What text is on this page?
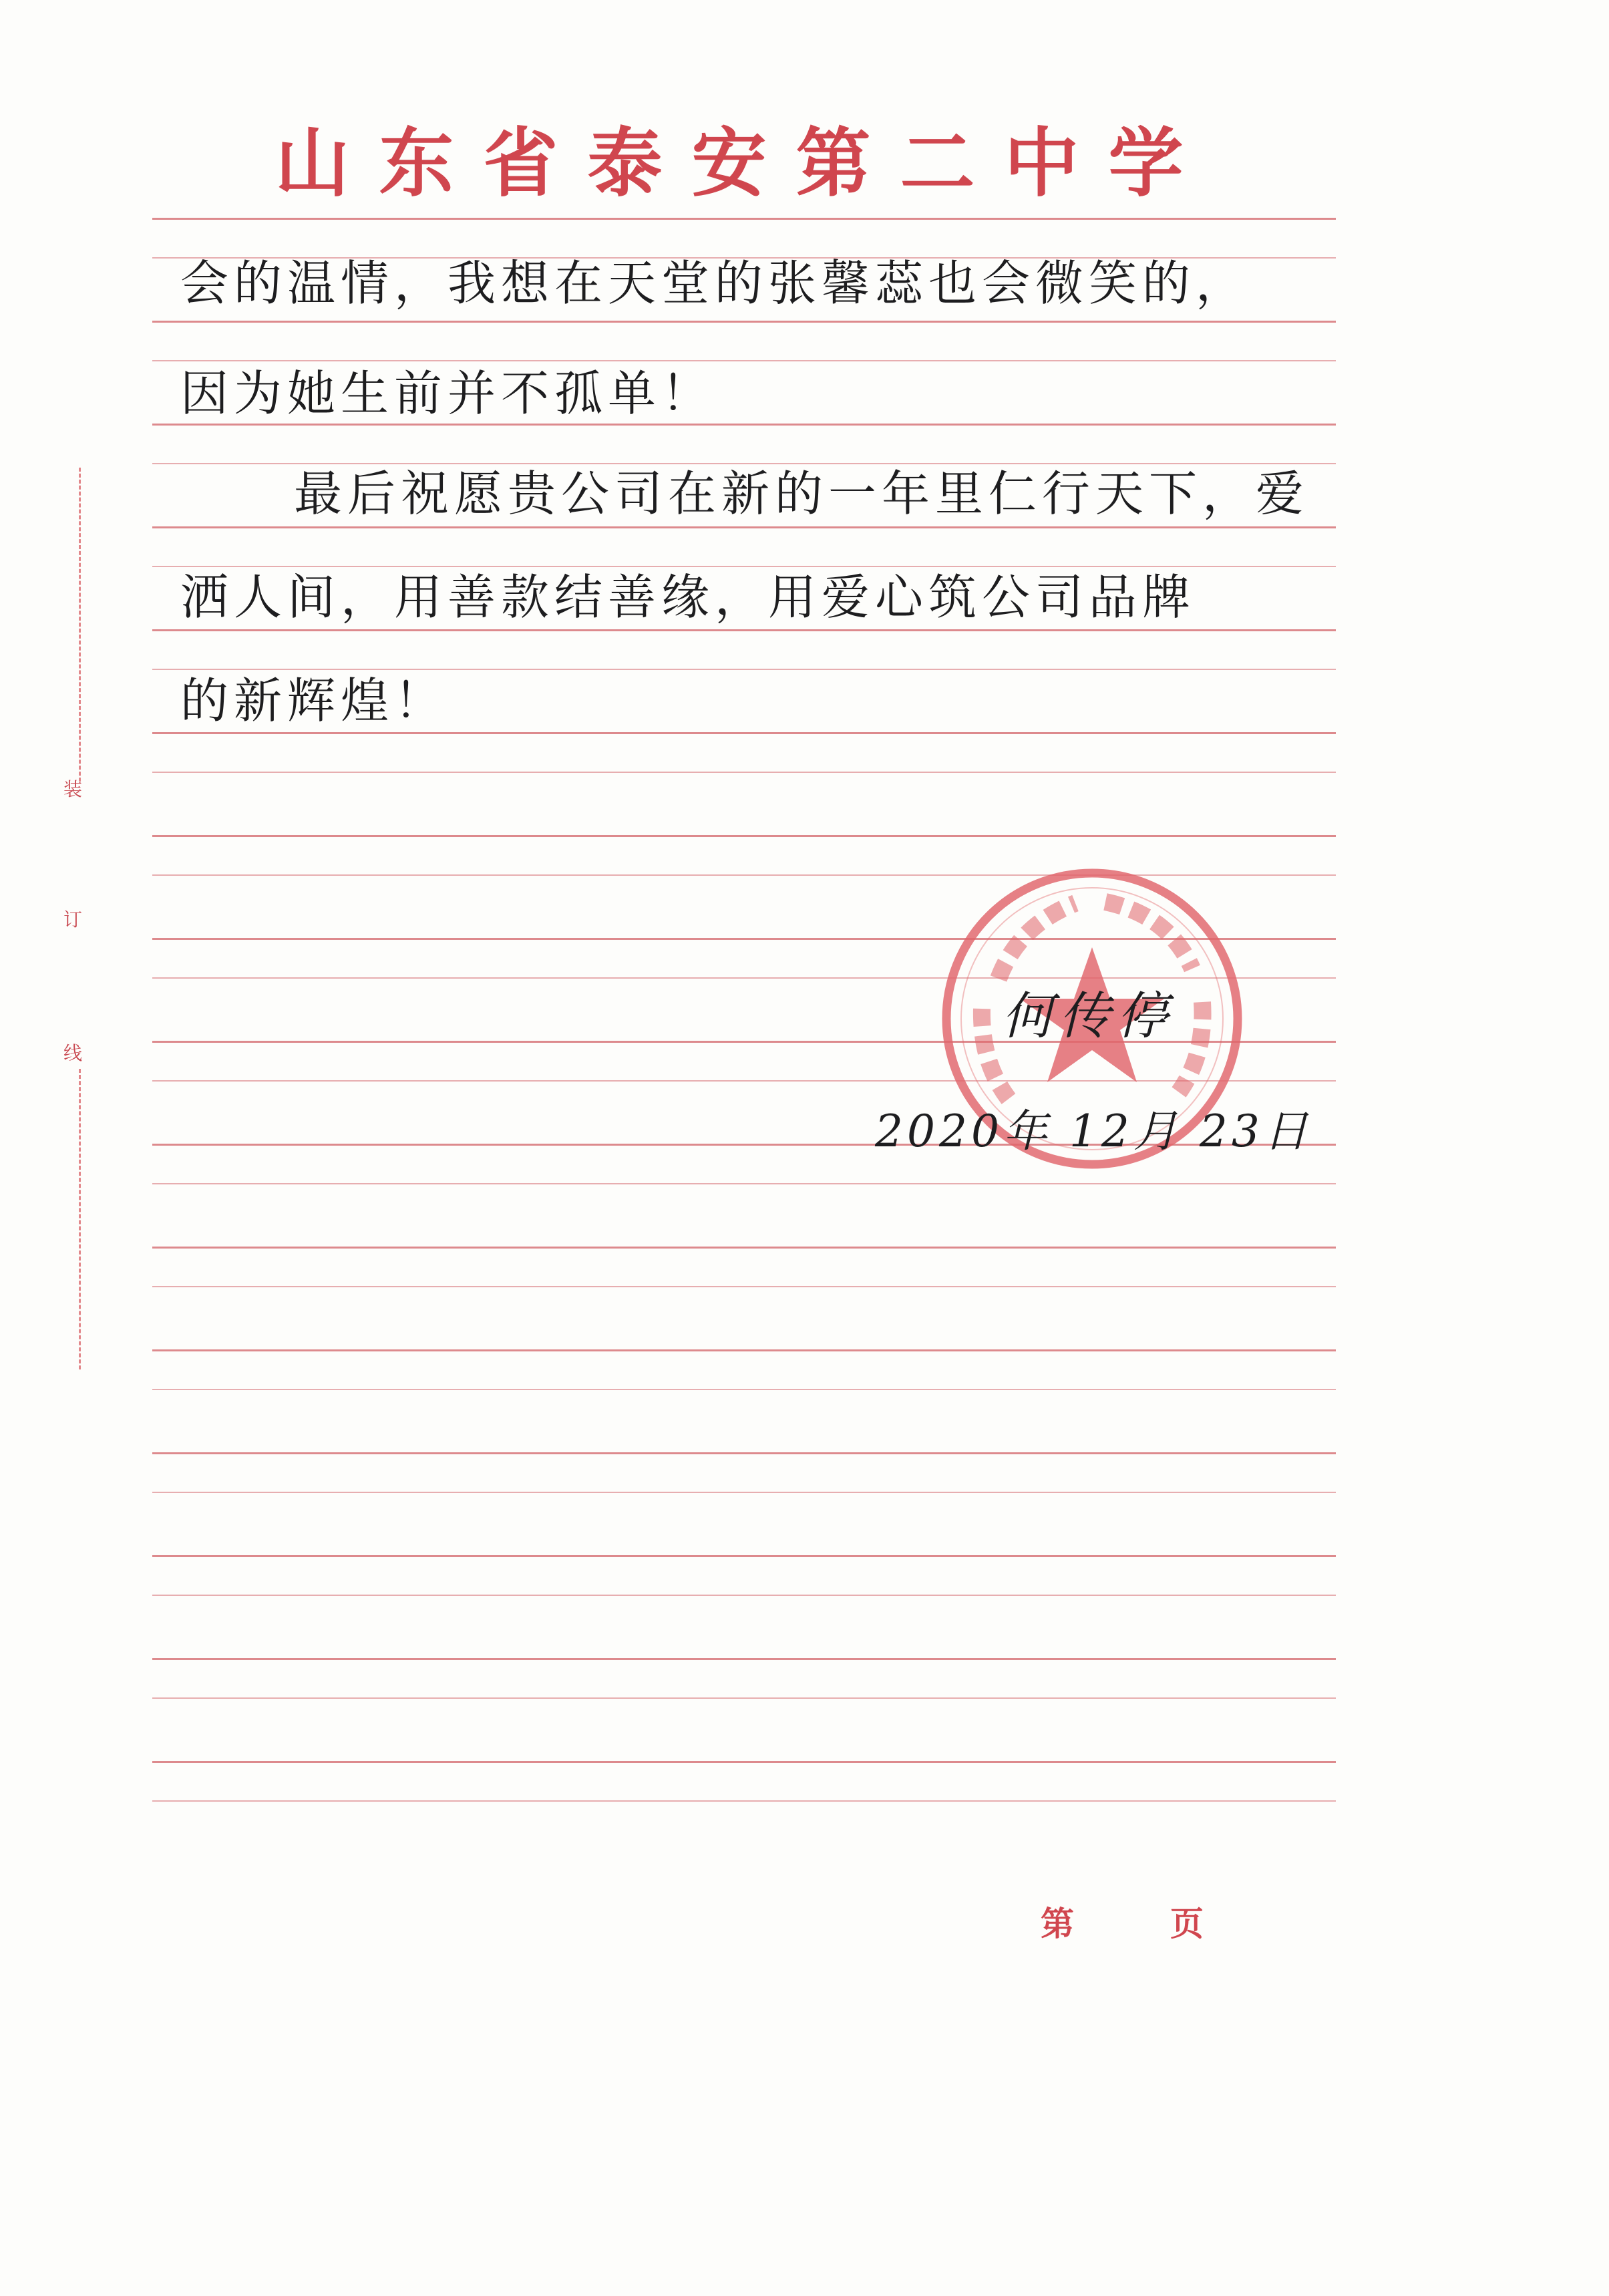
山东省泰安第二中学
装
订
线
会的温情，我想在天堂的张馨蕊也会微笑的，
因为她生前并不孤单！
最后祝愿贵公司在新的一年里仁行天下，爱
洒人间，用善款结善缘，用爱心筑公司品牌
的新辉煌！
何传停
2020年 12月 23日
第	页
